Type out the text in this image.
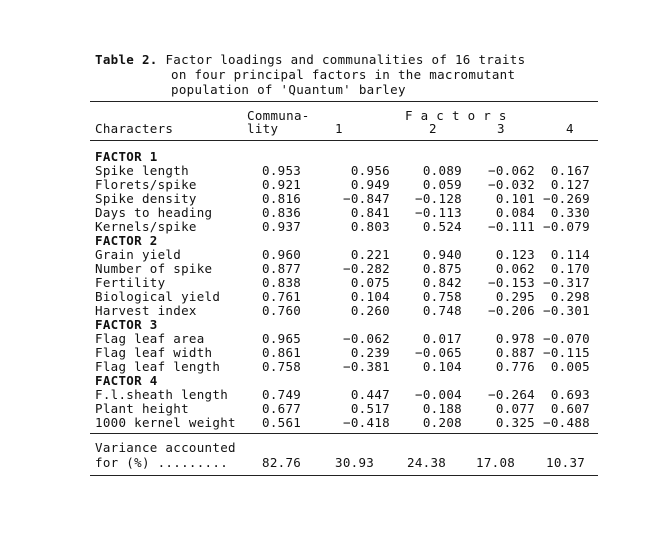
Table 2. Factor loadings and communalities of 16 traits
on four principal factors in the macromutant
population of 'Quantum' barley
Communa-	F a c t o r s
Characters	lity	1	2	3	4
FACTOR 1
Spike length	0.953	0.956	0.089 −0.062 0.167
Florets/spike	0.921	0.949	0.059 −0.032 0.127
Spike density	0.816	−0.847 −0.128	0.101 −0.269
Days to heading	0.836	0.841 −0.113	0.084 0.330
Kernels/spike	0.937	0.803	0.524 −0.111 −0.079
FACTOR 2
Grain yield	0.960	0.221	0.940	0.123 0.114
Number of spike	0.877	−0.282	0.875	0.062 0.170
Fertility	0.838	0.075	0.842 −0.153 −0.317
Biological yield	0.761	0.104	0.758	0.295 0.298
Harvest index	0.760	0.260	0.748 −0.206 −0.301
FACTOR 3
Flag leaf area	0.965	−0.062	0.017	0.978 −0.070
Flag leaf width	0.861	0.239 −0.065	0.887 −0.115
Flag leaf length	0.758	−0.381	0.104	0.776 0.005
FACTOR 4
F.l.sheath length	0.749	0.447 −0.004 −0.264 0.693
Plant height	0.677	0.517	0.188	0.077 0.607
1000 kernel weight 0.561	−0.418	0.208	0.325 −0.488
Variance accounted
for (%) .........	82.76	30.93	24.38 17.08 10.37
